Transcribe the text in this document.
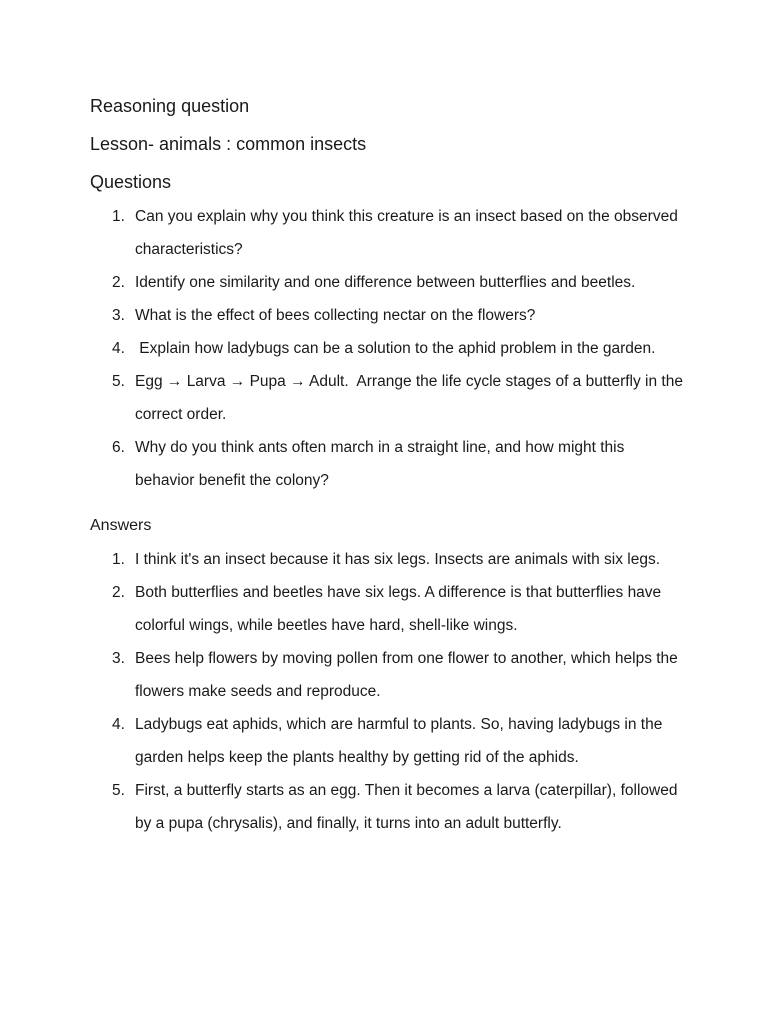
Reasoning question
Lesson- animals : common insects
Questions
1. Can you explain why you think this creature is an insect based on the observed characteristics?
2. Identify one similarity and one difference between butterflies and beetles.
3. What is the effect of bees collecting nectar on the flowers?
4. Explain how ladybugs can be a solution to the aphid problem in the garden.
5. Egg → Larva → Pupa → Adult.  Arrange the life cycle stages of a butterfly in the correct order.
6. Why do you think ants often march in a straight line, and how might this behavior benefit the colony?
Answers
1. I think it's an insect because it has six legs. Insects are animals with six legs.
2. Both butterflies and beetles have six legs. A difference is that butterflies have colorful wings, while beetles have hard, shell-like wings.
3. Bees help flowers by moving pollen from one flower to another, which helps the flowers make seeds and reproduce.
4. Ladybugs eat aphids, which are harmful to plants. So, having ladybugs in the garden helps keep the plants healthy by getting rid of the aphids.
5. First, a butterfly starts as an egg. Then it becomes a larva (caterpillar), followed by a pupa (chrysalis), and finally, it turns into an adult butterfly.
